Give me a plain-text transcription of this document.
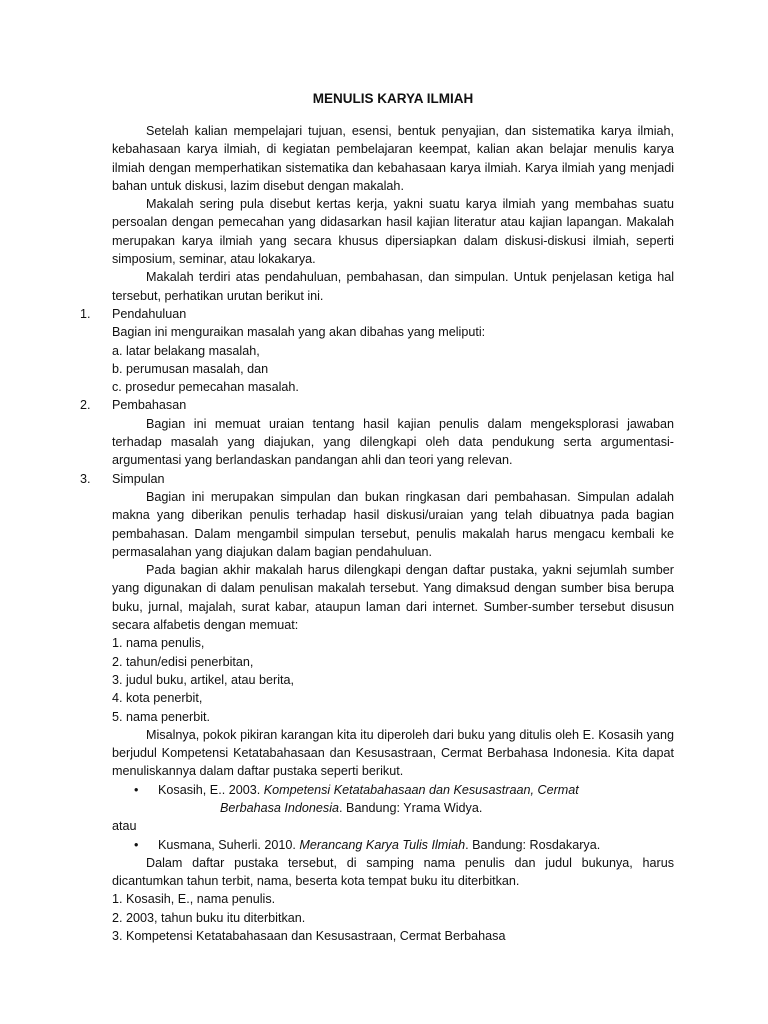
MENULIS KARYA ILMIAH

Setelah kalian mempelajari tujuan, esensi, bentuk penyajian, dan sistematika karya ilmiah, kebahasaan karya ilmiah, di kegiatan pembelajaran keempat, kalian akan belajar menulis karya ilmiah dengan memperhatikan sistematika dan kebahasaan karya ilmiah. Karya ilmiah yang menjadi bahan untuk diskusi, lazim disebut dengan makalah.

Makalah sering pula disebut kertas kerja, yakni suatu karya ilmiah yang membahas suatu persoalan dengan pemecahan yang didasarkan hasil kajian literatur atau kajian lapangan. Makalah merupakan karya ilmiah yang secara khusus dipersiapkan dalam diskusi-diskusi ilmiah, seperti simposium, seminar, atau lokakarya.

Makalah terdiri atas pendahuluan, pembahasan, dan simpulan. Untuk penjelasan ketiga hal tersebut, perhatikan urutan berikut ini.

1.	Pendahuluan
Bagian ini menguraikan masalah yang akan dibahas yang meliputi:
a. latar belakang masalah,
b. perumusan masalah, dan
c. prosedur pemecahan masalah.
2.	Pembahasan

Bagian ini memuat uraian tentang hasil kajian penulis dalam mengeksplorasi jawaban terhadap masalah yang diajukan, yang dilengkapi oleh data pendukung serta argumentasi-argumentasi yang berlandaskan pandangan ahli dan teori yang relevan.

3.	Simpulan

Bagian ini merupakan simpulan dan bukan ringkasan dari pembahasan. Simpulan adalah makna yang diberikan penulis terhadap hasil diskusi/uraian yang telah dibuatnya pada bagian pembahasan. Dalam mengambil simpulan tersebut, penulis makalah harus mengacu kembali ke permasalahan yang diajukan dalam bagian pendahuluan.

Pada bagian akhir makalah harus dilengkapi dengan daftar pustaka, yakni sejumlah sumber yang digunakan di dalam penulisan makalah tersebut. Yang dimaksud dengan sumber bisa berupa buku, jurnal, majalah, surat kabar, ataupun laman dari internet. Sumber-sumber tersebut disusun secara alfabetis dengan memuat:

1. nama penulis,
2. tahun/edisi penerbitan,
3. judul buku, artikel, atau berita,
4. kota penerbit,
5. nama penerbit.

Misalnya, pokok pikiran karangan kita itu diperoleh dari buku yang ditulis oleh E. Kosasih yang berjudul Kompetensi Ketatabahasaan dan Kesusastraan, Cermat Berbahasa Indonesia. Kita dapat menuliskannya dalam daftar pustaka seperti berikut.

• Kosasih, E.. 2003. Kompetensi Ketatabahasaan dan Kesusastraan, Cermat
Berbahasa Indonesia. Bandung: Yrama Widya.
atau
• Kusmana, Suherli. 2010. Merancang Karya Tulis Ilmiah. Bandung: Rosdakarya.

Dalam daftar pustaka tersebut, di samping nama penulis dan judul bukunya, harus dicantumkan tahun terbit, nama, beserta kota tempat buku itu diterbitkan.

1. Kosasih, E., nama penulis.
2. 2003, tahun buku itu diterbitkan.
3. Kompetensi Ketatabahasaan dan Kesusastraan, Cermat Berbahasa
